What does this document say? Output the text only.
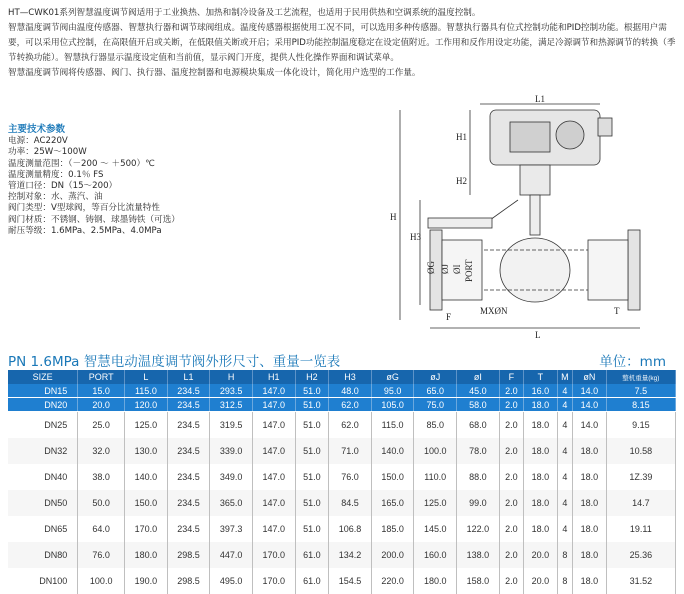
HT—CWK01系列智慧温度调节阀适用于工业换热、加热和制冷设备及工艺流程，也适用于民用供热和空调系统的温度控制。

智慧温度调节阀由温度传感器、智慧执行器和调节球阀组成。温度传感器根据使用工况不同，可以选用多种传感器。智慧执行器具有位式控制功能和PID控制功能。根据用户需要，可以采用位式控制，在高限值开启或关断，在低限值关断或开启；采用PID功能控制温度稳定在设定值附近。工作用和反作用设定功能，满足冷源调节和热源调节的转换（季节转换功能）。智慧执行器显示温度设定值和当前值，显示阀门开度，提供人性化操作界面和调试菜单。

智慧温度调节阀将传感器、阀门、执行器、温度控制器和电源模块集成一体化设计，简化用户选型的工作量。

主要技术参数
电源：AC220V
功率：25W～100W
温度测量范围：（－200 ～ ＋500）℃
温度测量精度：0.1％ FS
管道口径：DN（15～200）
控制对象：水、蒸汽、油
阀门类型：V型球阀，等百分比流量特性
阀门材质：不锈钢、铸钢、球墨铸铁（可选）
耐压等级：1.6MPa、2.5MPa、4.0MPa
L1
H1
H2
H
H3
ØG ØJ ØI PORT
F
MXØN	T
L
PN 1.6MPa 智慧电动温度调节阀外形尺寸、重量一览表	单位：mm
SIZE	PORT	L	L1	H	H1	H2	H3	øG	øJ	øI	F	T	M	øN	整机重量(kg)
DN15	15.0	115.0	234.5	293.5	147.0	51.0	48.0	95.0	65.0	45.0	2.0	16.0	4	14.0	7.5
DN20	20.0	120.0	234.5	312.5	147.0	51.0	62.0	105.0	75.0	58.0	2.0	18.0	4	14.0	8.15
DN25	25.0	125.0	234.5	319.5	147.0	51.0	62.0	115.0	85.0	68.0	2.0	18.0	4	14.0	9.15
DN32	32.0	130.0	234.5	339.0	147.0	51.0	71.0	140.0	100.0	78.0	2.0	18.0	4	18.0	10.58
DN40	38.0	140.0	234.5	349.0	147.0	51.0	76.0	150.0	110.0	88.0	2.0	18.0	4	18.0	1Z.39
DN50	50.0	150.0	234.5	365.0	147.0	51.0	84.5	165.0	125.0	99.0	2.0	18.0	4	18.0	14.7
DN65	64.0	170.0	234.5	397.3	147.0	51.0	106.8	185.0	145.0	122.0	2.0	18.0	4	18.0	19.11
DN80	76.0	180.0	298.5	447.0	170.0	61.0	134.2	200.0	160.0	138.0	2.0	20.0	8	18.0	25.36
DN100	100.0	190.0	298.5	495.0	170.0	61.0	154.5	220.0	180.0	158.0	2.0	20.0	8	18.0	31.52
